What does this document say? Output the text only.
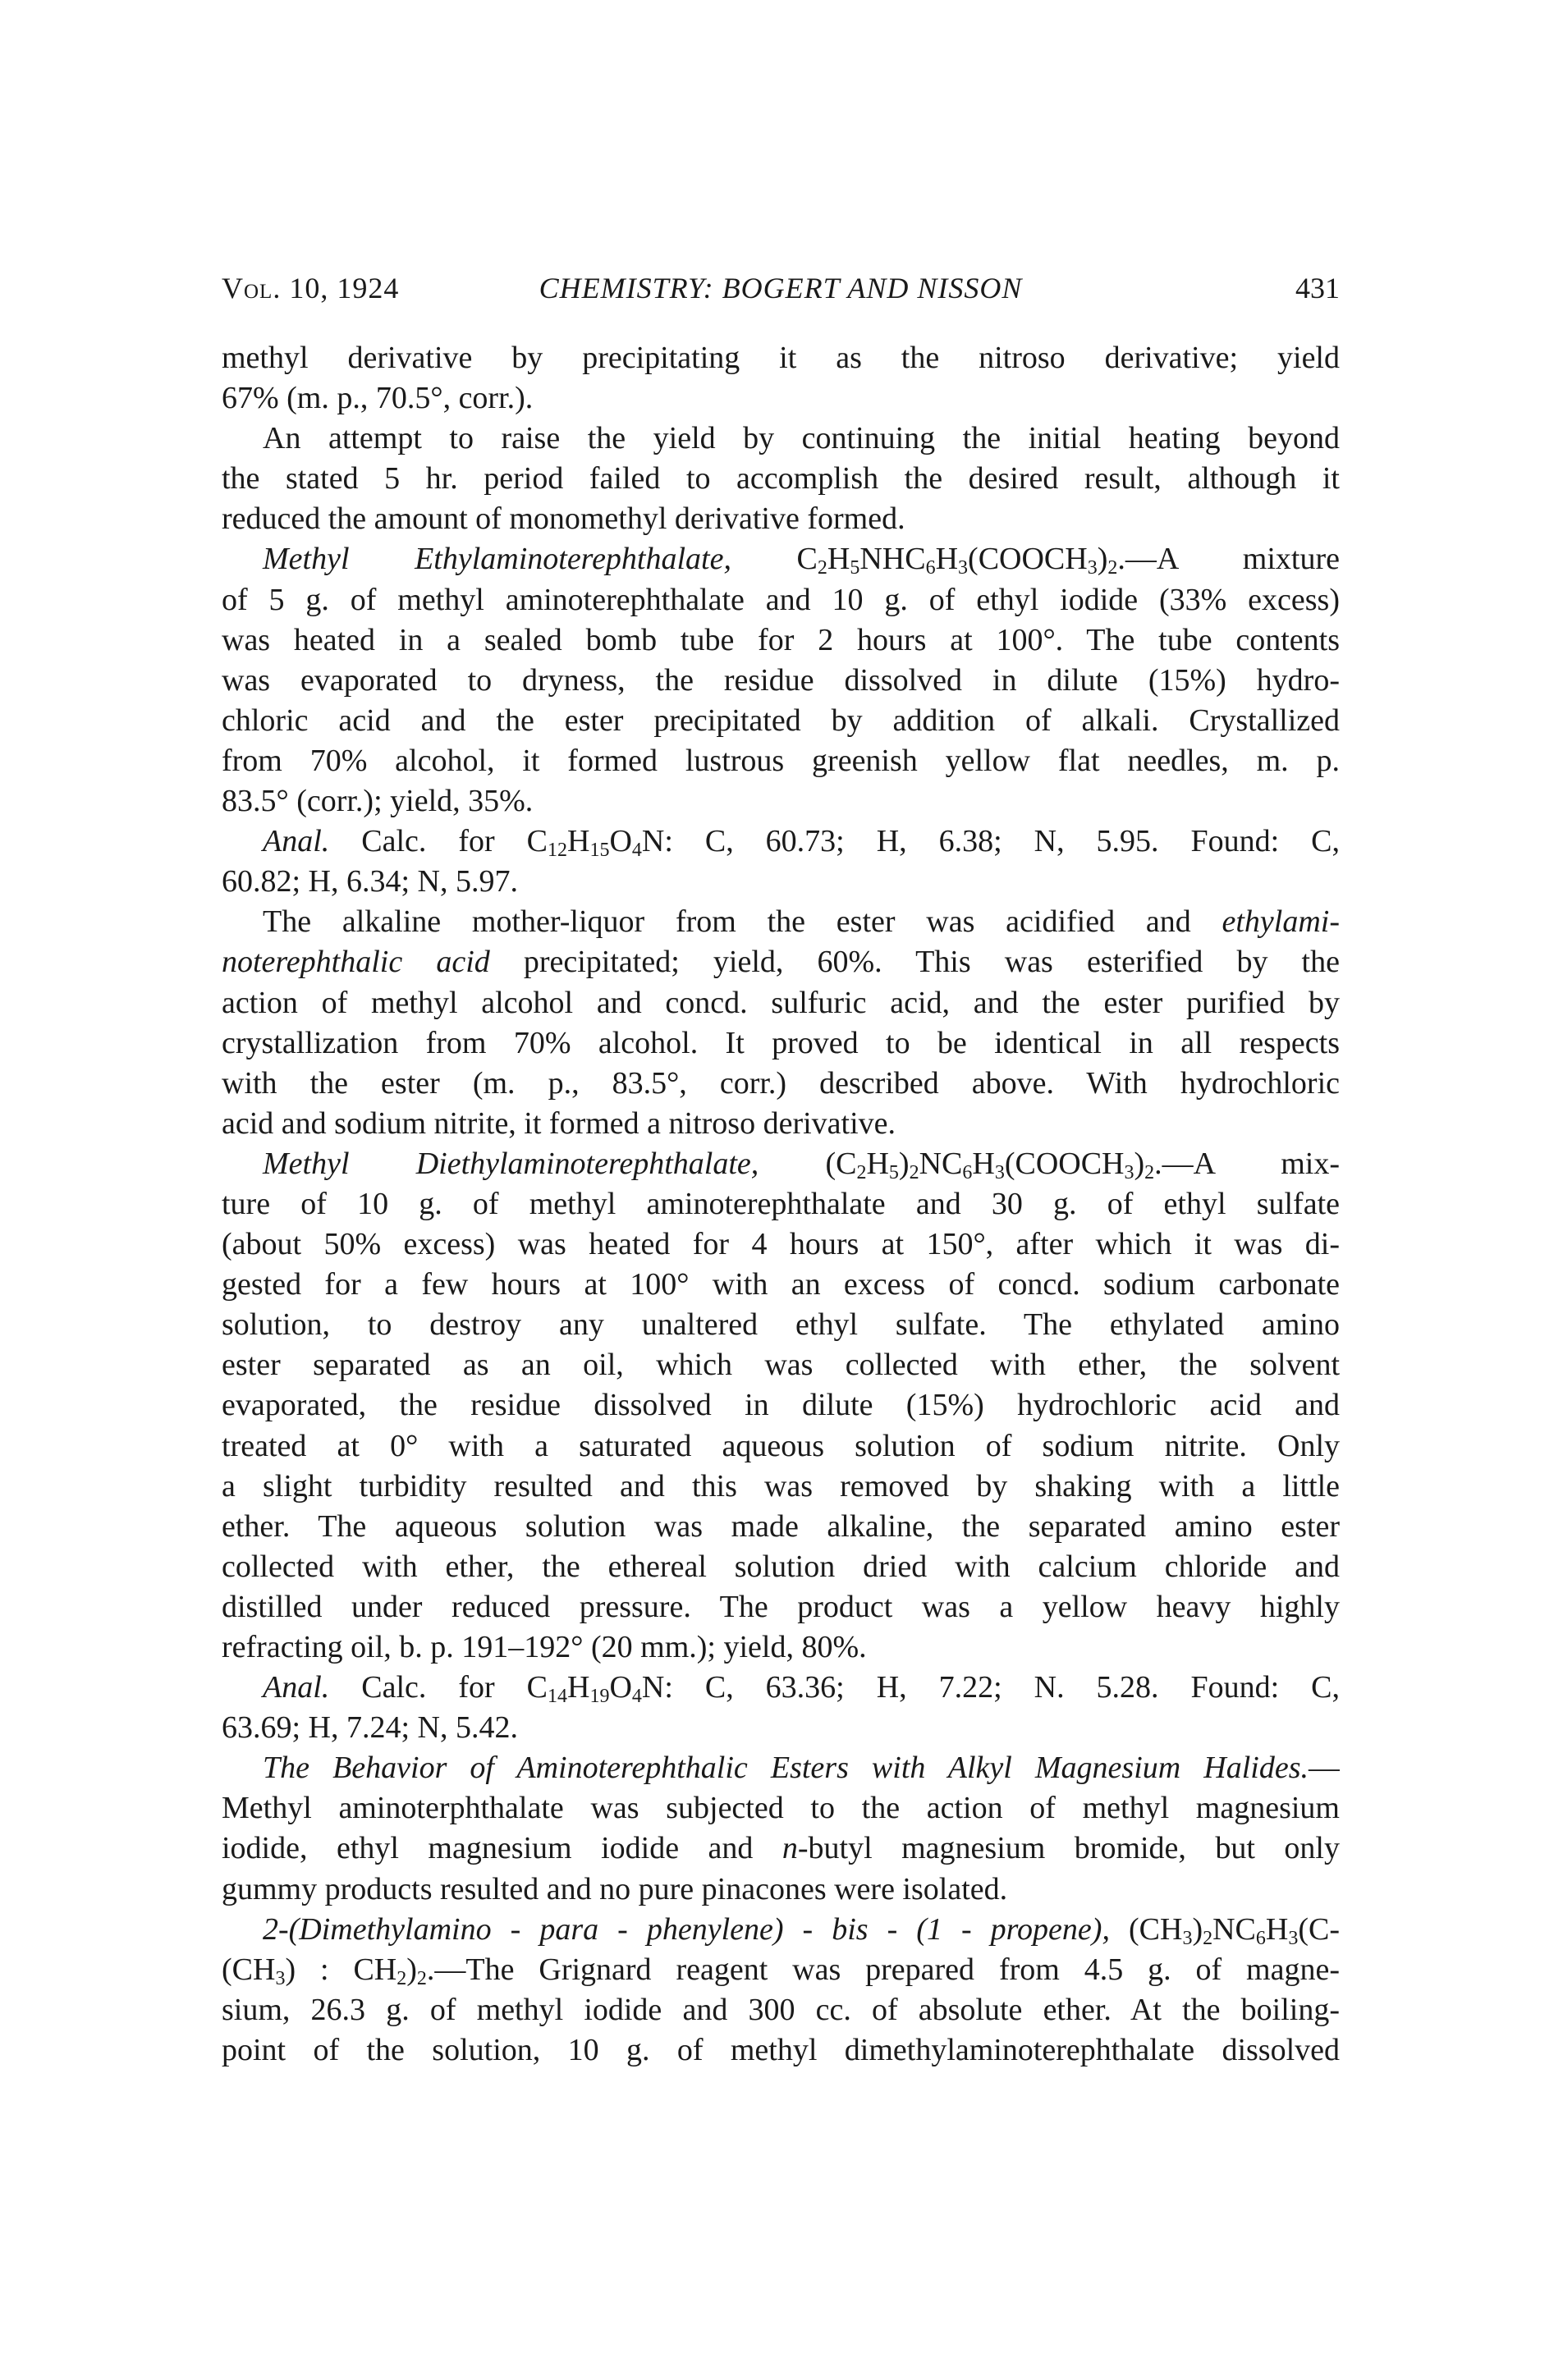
Vol. 10, 1924	CHEMISTRY: BOGERT AND NISSON	431
methyl derivative by precipitating it as the nitroso derivative; yield
67% (m. p., 70.5°, corr.).
An attempt to raise the yield by continuing the initial heating beyond
the stated 5 hr. period failed to accomplish the desired result, although it
reduced the amount of monomethyl derivative formed.
Methyl Ethylaminoterephthalate, $C_2H_5NHC_6H_3(COOCH_3)_2.—A$ mixture
of 5 g. of methyl aminoterephthalate and 10 g. of ethyl iodide (33% excess)
was heated in a sealed bomb tube for 2 hours at 100°. The tube contents
was evaporated to dryness, the residue dissolved in dilute (15%) hydro-
chloric acid and the ester precipitated by addition of alkali. Crystallized
from 70% alcohol, it formed lustrous greenish yellow flat needles, m. p.
83.5° (corr.); yield, 35%.
Anal. Calc. for $C_{12}H_{15}O_4N$: C, 60.73; H, 6.38; N, 5.95. Found: C,
60.82; H, 6.34; N, 5.97.
The alkaline mother-liquor from the ester was acidified and ethylami-
noterephthalic acid precipitated; yield, 60%. This was esterified by the
action of methyl alcohol and concd. sulfuric acid, and the ester purified by
crystallization from 70% alcohol. It proved to be identical in all respects
with the ester (m. p., 83.5°, corr.) described above. With hydrochloric
acid and sodium nitrite, it formed a nitroso derivative.
Methyl Diethylaminoterephthalate, $(C_2H_5)_2NC_6H_3(COOCH_3)_2.—A$ mix-
ture of 10 g. of methyl aminoterephthalate and 30 g. of ethyl sulfate
(about 50% excess) was heated for 4 hours at 150°, after which it was di-
gested for a few hours at 100° with an excess of concd. sodium carbonate
solution, to destroy any unaltered ethyl sulfate. The ethylated amino
ester separated as an oil, which was collected with ether, the solvent
evaporated, the residue dissolved in dilute (15%) hydrochloric acid and
treated at 0° with a saturated aqueous solution of sodium nitrite. Only
a slight turbidity resulted and this was removed by shaking with a little
ether. The aqueous solution was made alkaline, the separated amino ester
collected with ether, the ethereal solution dried with calcium chloride and
distilled under reduced pressure. The product was a yellow heavy highly
refracting oil, b. p. 191–192° (20 mm.); yield, 80%.
Anal. Calc. for $C_{14}H_{19}O_4N$: C, 63.36; H, 7.22; N. 5.28. Found: C,
63.69; H, 7.24; N, 5.42.
The Behavior of Aminoterephthalic Esters with Alkyl Magnesium Halides.—
Methyl aminoterphthalate was subjected to the action of methyl magnesium
iodide, ethyl magnesium iodide and n-butyl magnesium bromide, but only
gummy products resulted and no pure pinacones were isolated.
2-(Dimethylamino - para - phenylene) - bis - (1 - propene), $(CH_3)_2NC_6H_3(C-$
$(CH_3)$ : $CH_2)_2.—The$ Grignard reagent was prepared from 4.5 g. of magne-
sium, 26.3 g. of methyl iodide and 300 cc. of absolute ether. At the boiling-
point of the solution, 10 g. of methyl dimethylaminoterephthalate dissolved
